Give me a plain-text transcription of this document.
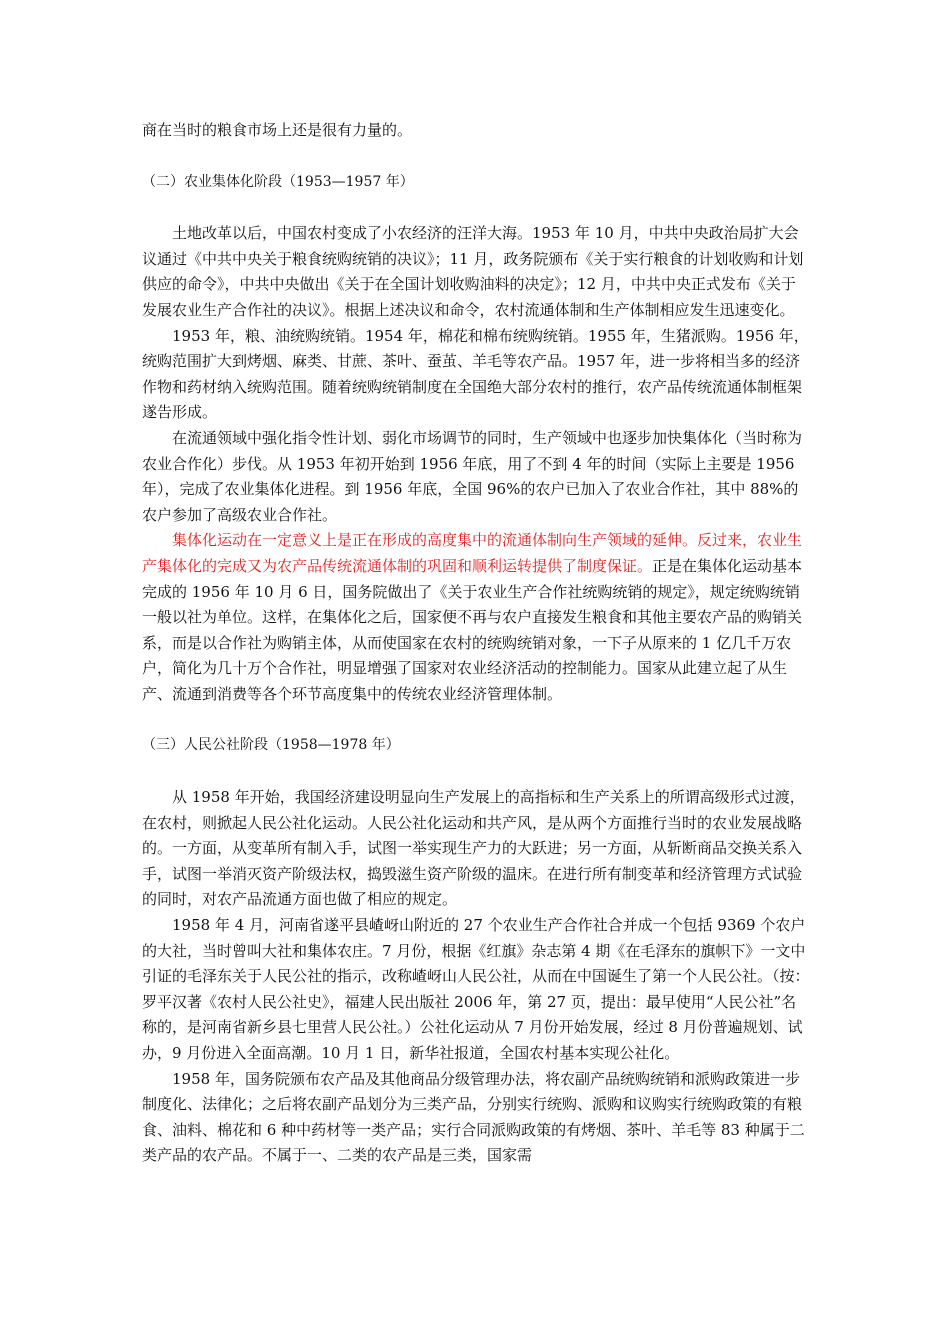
商在当时的粮食市场上还是很有力量的。

（二）农业集体化阶段（1953—1957 年）

土地改革以后，中国农村变成了小农经济的汪洋大海。1953 年 10 月，中共中央政治局扩大会议通过《中共中央关于粮食统购统销的决议》；11 月，政务院颁布《关于实行粮食的计划收购和计划供应的命令》，中共中央做出《关于在全国计划收购油料的决定》；12 月，中共中央正式发布《关于发展农业生产合作社的决议》。根据上述决议和命令，农村流通体制和生产体制相应发生迅速变化。

1953 年，粮、油统购统销。1954 年，棉花和棉布统购统销。1955 年，生猪派购。1956 年，统购范围扩大到烤烟、麻类、甘蔗、茶叶、蚕茧、羊毛等农产品。1957 年，进一步将相当多的经济作物和药材纳入统购范围。随着统购统销制度在全国绝大部分农村的推行，农产品传统流通体制框架遂告形成。

在流通领域中强化指令性计划、弱化市场调节的同时，生产领域中也逐步加快集体化（当时称为农业合作化）步伐。从 1953 年初开始到 1956 年底，用了不到 4 年的时间（实际上主要是 1956 年），完成了农业集体化进程。到 1956 年底，全国 96%的农户已加入了农业合作社，其中 88%的农户参加了高级农业合作社。

集体化运动在一定意义上是正在形成的高度集中的流通体制向生产领域的延伸。反过来，农业生产集体化的完成又为农产品传统流通体制的巩固和顺利运转提供了制度保证。正是在集体化运动基本完成的 1956 年 10 月 6 日，国务院做出了《关于农业生产合作社统购统销的规定》，规定统购统销一般以社为单位。这样，在集体化之后，国家便不再与农户直接发生粮食和其他主要农产品的购销关系，而是以合作社为购销主体，从而使国家在农村的统购统销对象，一下子从原来的 1 亿几千万农户，简化为几十万个合作社，明显增强了国家对农业经济活动的控制能力。国家从此建立起了从生产、流通到消费等各个环节高度集中的传统农业经济管理体制。

（三）人民公社阶段（1958—1978 年）

从 1958 年开始，我国经济建设明显向生产发展上的高指标和生产关系上的所谓高级形式过渡，在农村，则掀起人民公社化运动。人民公社化运动和共产风，是从两个方面推行当时的农业发展战略的。一方面，从变革所有制入手，试图一举实现生产力的大跃进；另一方面，从斩断商品交换关系入手，试图一举消灭资产阶级法权，捣毁滋生资产阶级的温床。在进行所有制变革和经济管理方式试验的同时，对农产品流通方面也做了相应的规定。

1958 年 4 月，河南省遂平县嵖岈山附近的 27 个农业生产合作社合并成一个包括 9369 个农户的大社，当时曾叫大社和集体农庄。7 月份，根据《红旗》杂志第 4 期《在毛泽东的旗帜下》一文中引证的毛泽东关于人民公社的指示，改称嵖岈山人民公社，从而在中国诞生了第一个人民公社。（按：罗平汉著《农村人民公社史》，福建人民出版社 2006 年，第 27 页，提出：最早使用“人民公社”名称的，是河南省新乡县七里营人民公社。）公社化运动从 7 月份开始发展，经过 8 月份普遍规划、试办，9 月份进入全面高潮。10 月 1 日，新华社报道，全国农村基本实现公社化。

1958 年，国务院颁布农产品及其他商品分级管理办法，将农副产品统购统销和派购政策进一步制度化、法律化；之后将农副产品划分为三类产品，分别实行统购、派购和议购实行统购政策的有粮食、油料、棉花和 6 种中药材等一类产品；实行合同派购政策的有烤烟、茶叶、羊毛等 83 种属于二类产品的农产品。不属于一、二类的农产品是三类，国家需
